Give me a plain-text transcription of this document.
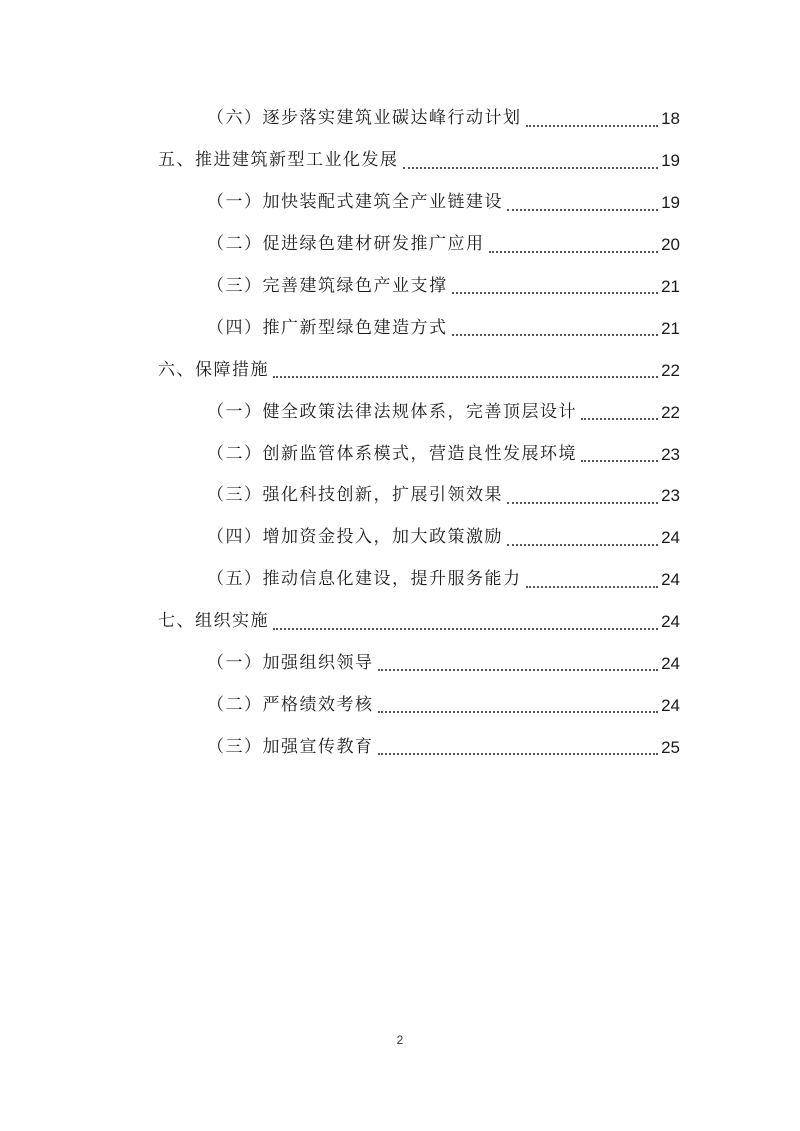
（六）逐步落实建筑业碳达峰行动计划	18
五、推进建筑新型工业化发展	19
（一）加快装配式建筑全产业链建设	19
（二）促进绿色建材研发推广应用	20
（三）完善建筑绿色产业支撑	21
（四）推广新型绿色建造方式	21
六、保障措施	22
（一）健全政策法律法规体系，完善顶层设计	22
（二）创新监管体系模式，营造良性发展环境	23
（三）强化科技创新，扩展引领效果	23
（四）增加资金投入，加大政策激励	24
（五）推动信息化建设，提升服务能力	24
七、组织实施	24
（一）加强组织领导	24
（二）严格绩效考核	24
（三）加强宣传教育	25
2
